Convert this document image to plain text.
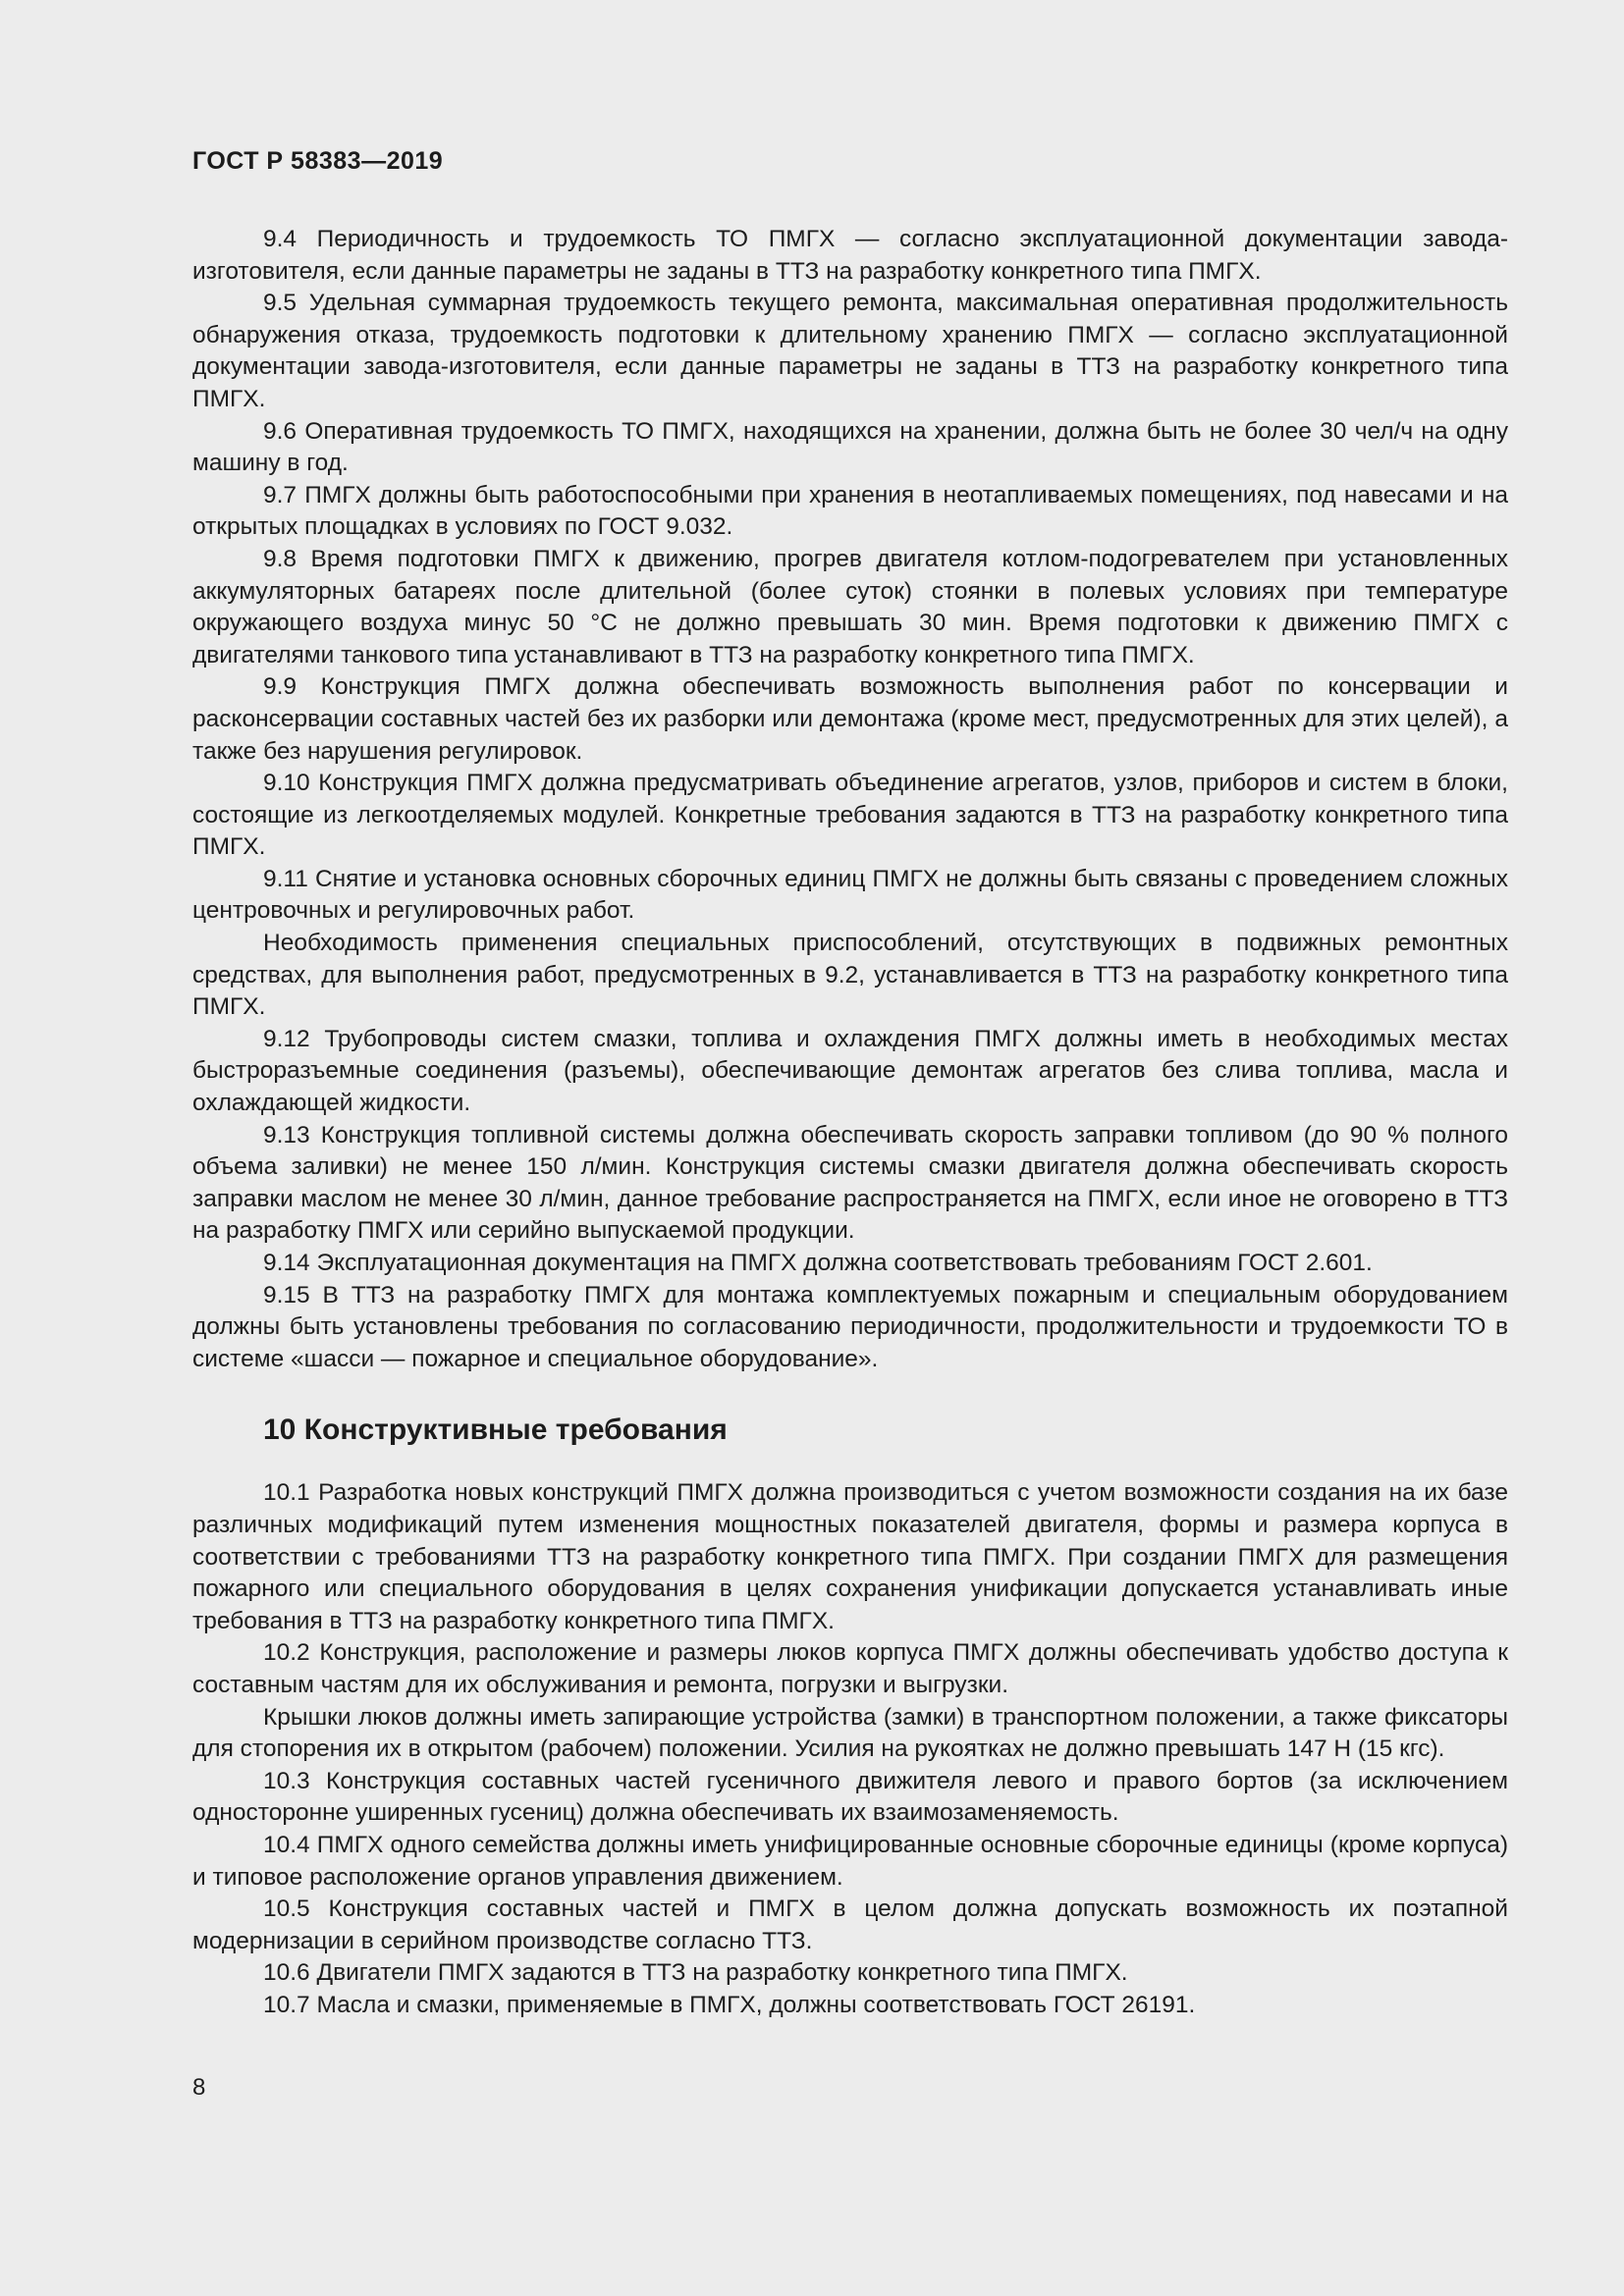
ГОСТ Р 58383—2019

9.4 Периодичность и трудоемкость ТО ПМГХ — согласно эксплуатационной документации завода-изготовителя, если данные параметры не заданы в ТТЗ на разработку конкретного типа ПМГХ.

9.5 Удельная суммарная трудоемкость текущего ремонта, максимальная оперативная продолжительность обнаружения отказа, трудоемкость подготовки к длительному хранению ПМГХ — согласно эксплуатационной документации завода-изготовителя, если данные параметры не заданы в ТТЗ на разработку конкретного типа ПМГХ.

9.6 Оперативная трудоемкость ТО ПМГХ, находящихся на хранении, должна быть не более 30 чел/ч на одну машину в год.

9.7 ПМГХ должны быть работоспособными при хранения в неотапливаемых помещениях, под навесами и на открытых площадках в условиях по ГОСТ 9.032.

9.8 Время подготовки ПМГХ к движению, прогрев двигателя котлом-подогревателем при установленных аккумуляторных батареях после длительной (более суток) стоянки в полевых условиях при температуре окружающего воздуха минус 50 °С не должно превышать 30 мин. Время подготовки к движению ПМГХ с двигателями танкового типа устанавливают в ТТЗ на разработку конкретного типа ПМГХ.

9.9 Конструкция ПМГХ должна обеспечивать возможность выполнения работ по консервации и расконсервации составных частей без их разборки или демонтажа (кроме мест, предусмотренных для этих целей), а также без нарушения регулировок.

9.10 Конструкция ПМГХ должна предусматривать объединение агрегатов, узлов, приборов и систем в блоки, состоящие из легкоотделяемых модулей. Конкретные требования задаются в ТТЗ на разработку конкретного типа ПМГХ.

9.11 Снятие и установка основных сборочных единиц ПМГХ не должны быть связаны с проведением сложных центровочных и регулировочных работ.

Необходимость применения специальных приспособлений, отсутствующих в подвижных ремонтных средствах, для выполнения работ, предусмотренных в 9.2, устанавливается в ТТЗ на разработку конкретного типа ПМГХ.

9.12 Трубопроводы систем смазки, топлива и охлаждения ПМГХ должны иметь в необходимых местах быстроразъемные соединения (разъемы), обеспечивающие демонтаж агрегатов без слива топлива, масла и охлаждающей жидкости.

9.13 Конструкция топливной системы должна обеспечивать скорость заправки топливом (до 90 % полного объема заливки) не менее 150 л/мин. Конструкция системы смазки двигателя должна обеспечивать скорость заправки маслом не менее 30 л/мин, данное требование распространяется на ПМГХ, если иное не оговорено в ТТЗ на разработку ПМГХ или серийно выпускаемой продукции.

9.14 Эксплуатационная документация на ПМГХ должна соответствовать требованиям ГОСТ 2.601.

9.15 В ТТЗ на разработку ПМГХ для монтажа комплектуемых пожарным и специальным оборудованием должны быть установлены требования по согласованию периодичности, продолжительности и трудоемкости ТО в системе «шасси — пожарное и специальное оборудование».

10 Конструктивные требования

10.1 Разработка новых конструкций ПМГХ должна производиться с учетом возможности создания на их базе различных модификаций путем изменения мощностных показателей двигателя, формы и размера корпуса в соответствии с требованиями ТТЗ на разработку конкретного типа ПМГХ. При создании ПМГХ для размещения пожарного или специального оборудования в целях сохранения унификации допускается устанавливать иные требования в ТТЗ на разработку конкретного типа ПМГХ.

10.2 Конструкция, расположение и размеры люков корпуса ПМГХ должны обеспечивать удобство доступа к составным частям для их обслуживания и ремонта, погрузки и выгрузки.

Крышки люков должны иметь запирающие устройства (замки) в транспортном положении, а также фиксаторы для стопорения их в открытом (рабочем) положении. Усилия на рукоятках не должно превышать 147 Н (15 кгс).

10.3 Конструкция составных частей гусеничного движителя левого и правого бортов (за исключением односторонне уширенных гусениц) должна обеспечивать их взаимозаменяемость.

10.4 ПМГХ одного семейства должны иметь унифицированные основные сборочные единицы (кроме корпуса) и типовое расположение органов управления движением.

10.5 Конструкция составных частей и ПМГХ в целом должна допускать возможность их поэтапной модернизации в серийном производстве согласно ТТЗ.

10.6 Двигатели ПМГХ задаются в ТТЗ на разработку конкретного типа ПМГХ.

10.7 Масла и смазки, применяемые в ПМГХ, должны соответствовать ГОСТ 26191.

8
